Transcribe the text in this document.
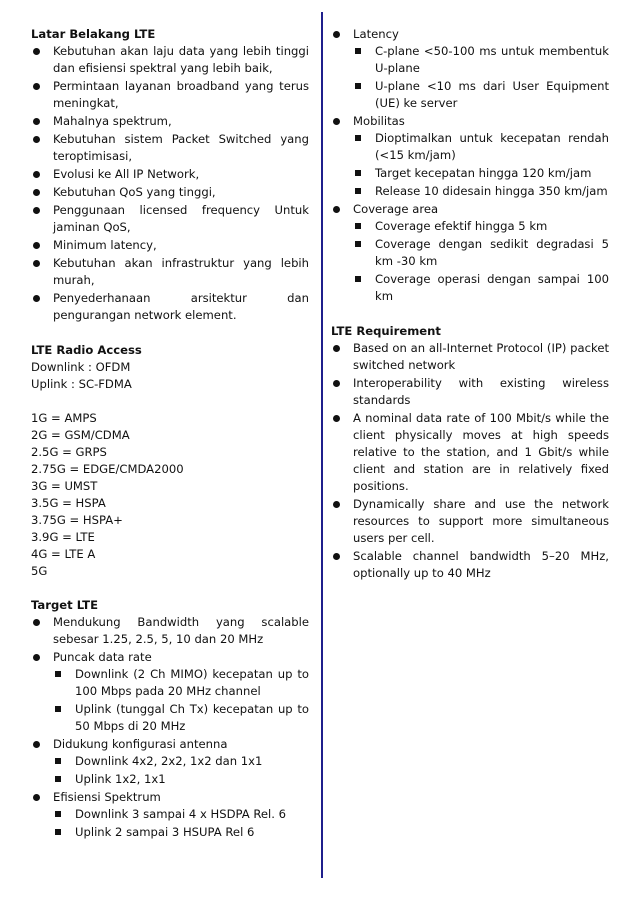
Latar Belakang LTE

Kebutuhan akan laju data yang lebih tinggi dan efisiensi spektral yang lebih baik,
Permintaan layanan broadband yang terus meningkat,
Mahalnya spektrum,
Kebutuhan sistem Packet Switched yang teroptimisasi,
Evolusi ke All IP Network,
Kebutuhan QoS yang tinggi,
Penggunaan licensed frequency Untuk jaminan QoS,
Minimum latency,
Kebutuhan akan infrastruktur yang lebih murah,
Penyederhanaan arsitektur dan pengurangan network element.

LTE Radio Access

Downlink : OFDM

Uplink : SC-FDMA

1G = AMPS

2G = GSM/CDMA

2.5G = GRPS

2.75G = EDGE/CMDA2000

3G = UMST

3.5G = HSPA

3.75G = HSPA+

3.9G = LTE

4G = LTE A

5G

Target LTE

Mendukung Bandwidth yang scalable sebesar 1.25, 2.5, 5, 10 dan 20 MHz
Puncak data rate
Downlink (2 Ch MIMO) kecepatan up to 100 Mbps pada 20 MHz channel
Uplink (tunggal Ch Tx) kecepatan up to 50 Mbps di 20 MHz
Didukung konfigurasi antenna
Downlink 4x2, 2x2, 1x2 dan 1x1
Uplink 1x2, 1x1
Efisiensi Spektrum
Downlink 3 sampai 4 x HSDPA Rel. 6
Uplink 2 sampai 3 HSUPA Rel 6
Latency
C-plane <50-100 ms untuk membentuk U-plane
U-plane <10 ms dari User Equipment (UE) ke server
Mobilitas
Dioptimalkan untuk kecepatan rendah (<15 km/jam)
Target kecepatan hingga 120 km/jam
Release 10 didesain hingga 350 km/jam
Coverage area
Coverage efektif hingga 5 km
Coverage dengan sedikit degradasi 5 km -30 km
Coverage operasi dengan sampai 100 km

LTE Requirement

Based on an all-Internet Protocol (IP) packet switched network
Interoperability with existing wireless standards
A nominal data rate of 100 Mbit/s while the client physically moves at high speeds relative to the station, and 1 Gbit/s while client and station are in relatively fixed positions.
Dynamically share and use the network resources to support more simultaneous users per cell.
Scalable channel bandwidth 5–20 MHz, optionally up to 40 MHz
